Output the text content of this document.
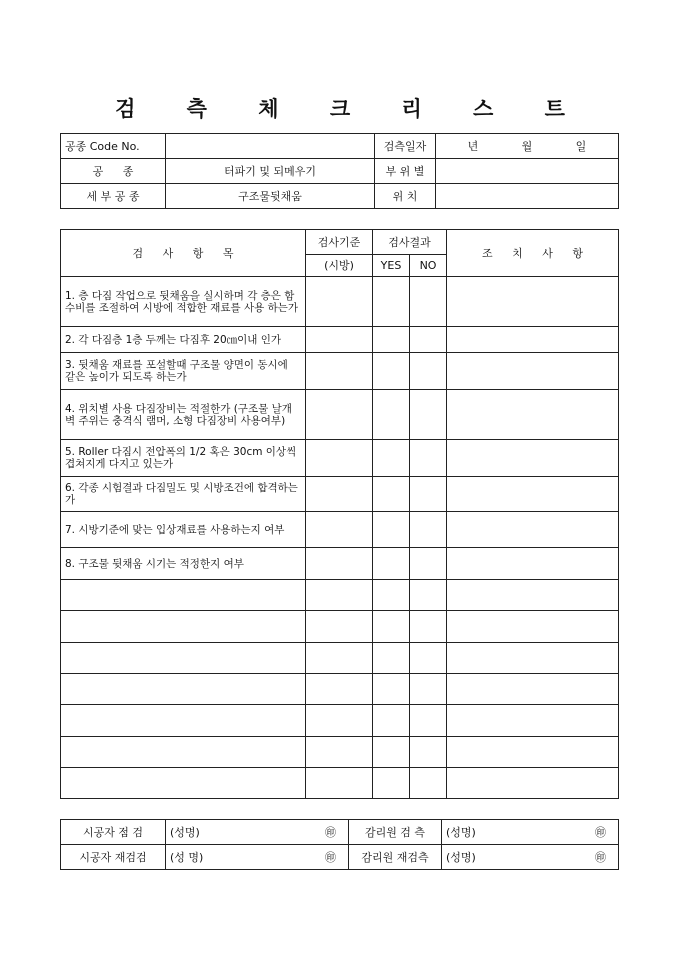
검 측 체 크 리 스 트
공종 Code No.		검측일자	년 월 일

공 종	터파기 및 되메우기	부 위 별	
세 부 공 종	구조물뒷채움	위 치	
검 사 항 목	검사기준	검사결과		조 치 사 항
	(시방)	YES	NO	
1. 층 다짐 작업으로 뒷채움을 실시하며 각 층은 함수비를 조절하여 시방에 적합한 재료를 사용 하는가				
2. 각 다짐층 1층 두께는 다짐후 20㎝이내 인가				
3. 뒷채움 재료를 포설할때 구조물 양면이 동시에 같은 높이가 되도록 하는가				
4. 위치별 사용 다짐장비는 적절한가 (구조물 날개벽 주위는 충격식 램머, 소형 다짐장비 사용여부)				
5. Roller 다짐시 전압폭의 1/2 혹은 30cm 이상씩 겹쳐지게 다지고 있는가				
6. 각종 시험결과 다짐밀도 및 시방조건에 합격하는가				
7. 시방기준에 맞는 입상재료를 사용하는지 여부				
8. 구조물 뒷채움 시기는 적정한지 여부				

시공자 점 검	(성명) ㊞	감리원 검 측	(성명) ㊞

시공자 재검검	(성 명) ㊞	감리원 재검측	(성명) ㊞
